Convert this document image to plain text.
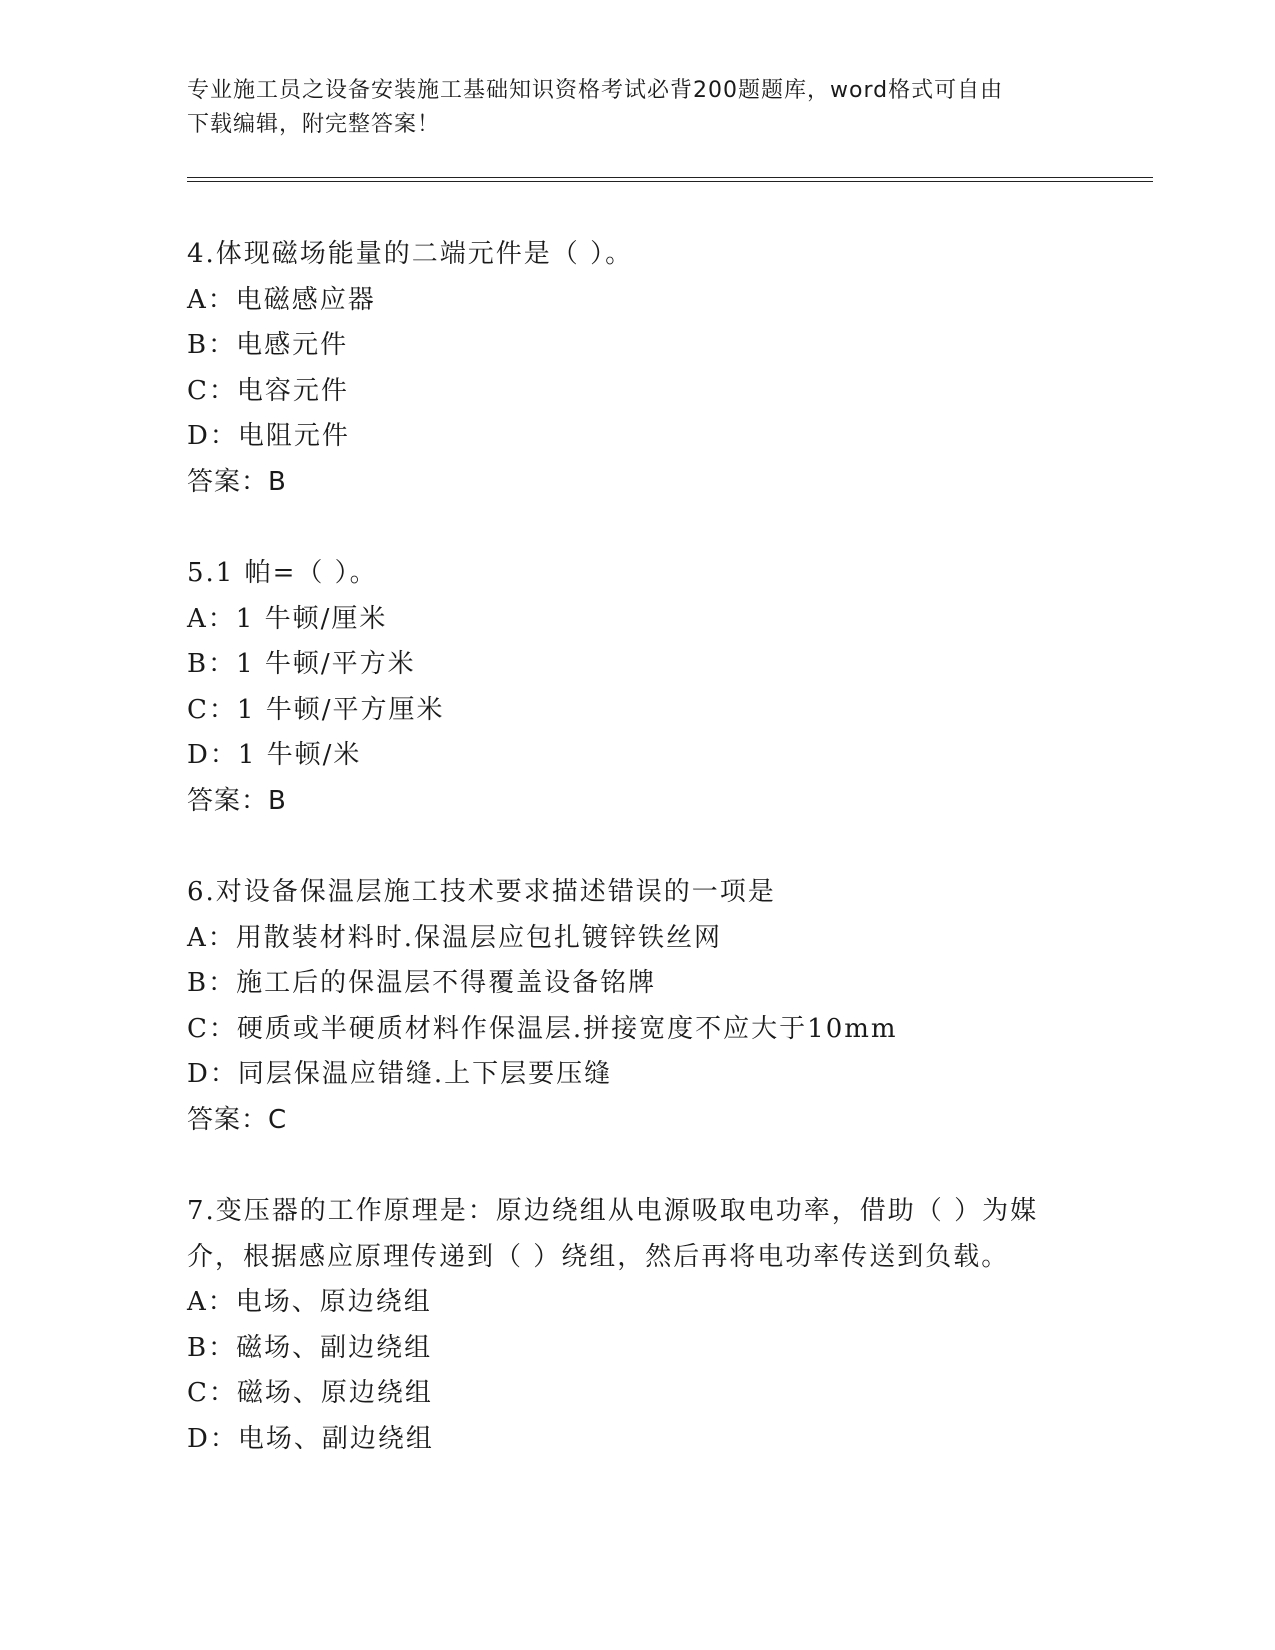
专业施工员之设备安装施工基础知识资格考试必背200题题库，word格式可自由
下载编辑，附完整答案！
4.体现磁场能量的二端元件是（ ）。
A：电磁感应器
B：电感元件
C：电容元件
D：电阻元件
答案：B
5.1 帕=（ ）。
A：1 牛顿/厘米
B：1 牛顿/平方米
C：1 牛顿/平方厘米
D：1 牛顿/米
答案：B
6.对设备保温层施工技术要求描述错误的一项是
A：用散装材料时.保温层应包扎镀锌铁丝网
B：施工后的保温层不得覆盖设备铭牌
C：硬质或半硬质材料作保温层.拼接宽度不应大于10mm
D：同层保温应错缝.上下层要压缝
答案：C
7.变压器的工作原理是：原边绕组从电源吸取电功率，借助（ ）为媒介，根据感应原理传递到（ ）绕组，然后再将电功率传送到负载。
A：电场、原边绕组
B：磁场、副边绕组
C：磁场、原边绕组
D：电场、副边绕组
